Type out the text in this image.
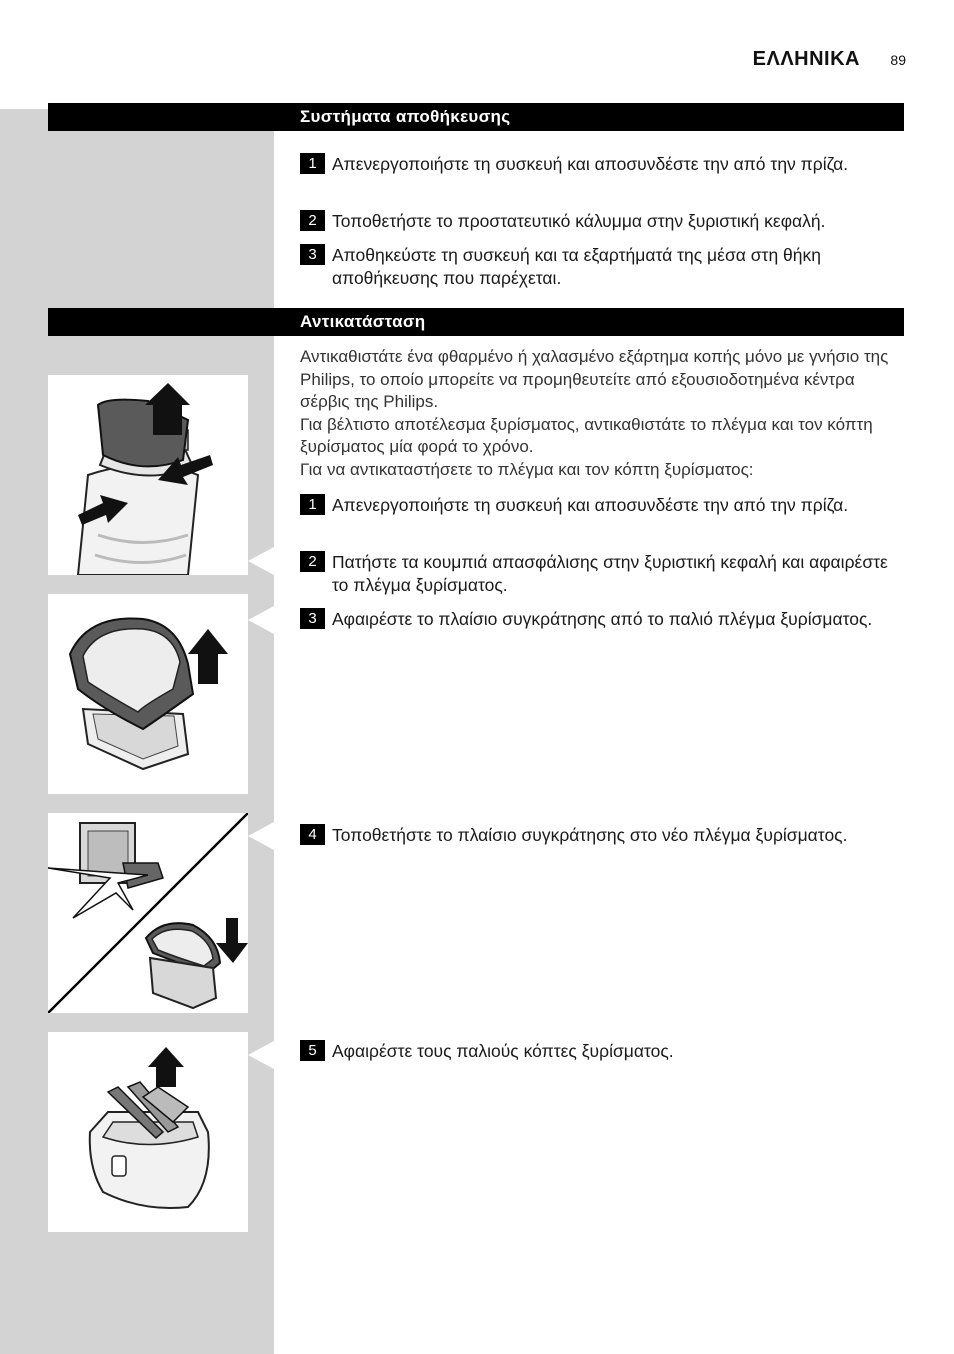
ΕΛΛΗΝΙΚΑ	89
Συστήματα αποθήκευσης
1 Απενεργοποιήστε τη συσκευή και αποσυνδέστε την από την πρίζα.
2 Τοποθετήστε το προστατευτικό κάλυμμα στην ξυριστική κεφαλή.
3 Αποθηκεύστε τη συσκευή και τα εξαρτήματά της μέσα στη θήκη αποθήκευσης που παρέχεται.
Αντικατάσταση
Αντικαθιστάτε ένα φθαρμένο ή χαλασμένο εξάρτημα κοπής μόνο με γνήσιο της Philips, το οποίο μπορείτε να προμηθευτείτε από εξουσιοδοτημένα κέντρα σέρβις της Philips.
Για βέλτιστο αποτέλεσμα ξυρίσματος, αντικαθιστάτε το πλέγμα και τον κόπτη ξυρίσματος μία φορά το χρόνο.
Για να αντικαταστήσετε το πλέγμα και τον κόπτη ξυρίσματος:
1 Απενεργοποιήστε τη συσκευή και αποσυνδέστε την από την πρίζα.
2 Πατήστε τα κουμπιά απασφάλισης στην ξυριστική κεφαλή και αφαιρέστε το πλέγμα ξυρίσματος.
3 Αφαιρέστε το πλαίσιο συγκράτησης από το παλιό πλέγμα ξυρίσματος.
4 Τοποθετήστε το πλαίσιο συγκράτησης στο νέο πλέγμα ξυρίσματος.
5 Αφαιρέστε τους παλιούς κόπτες ξυρίσματος.
